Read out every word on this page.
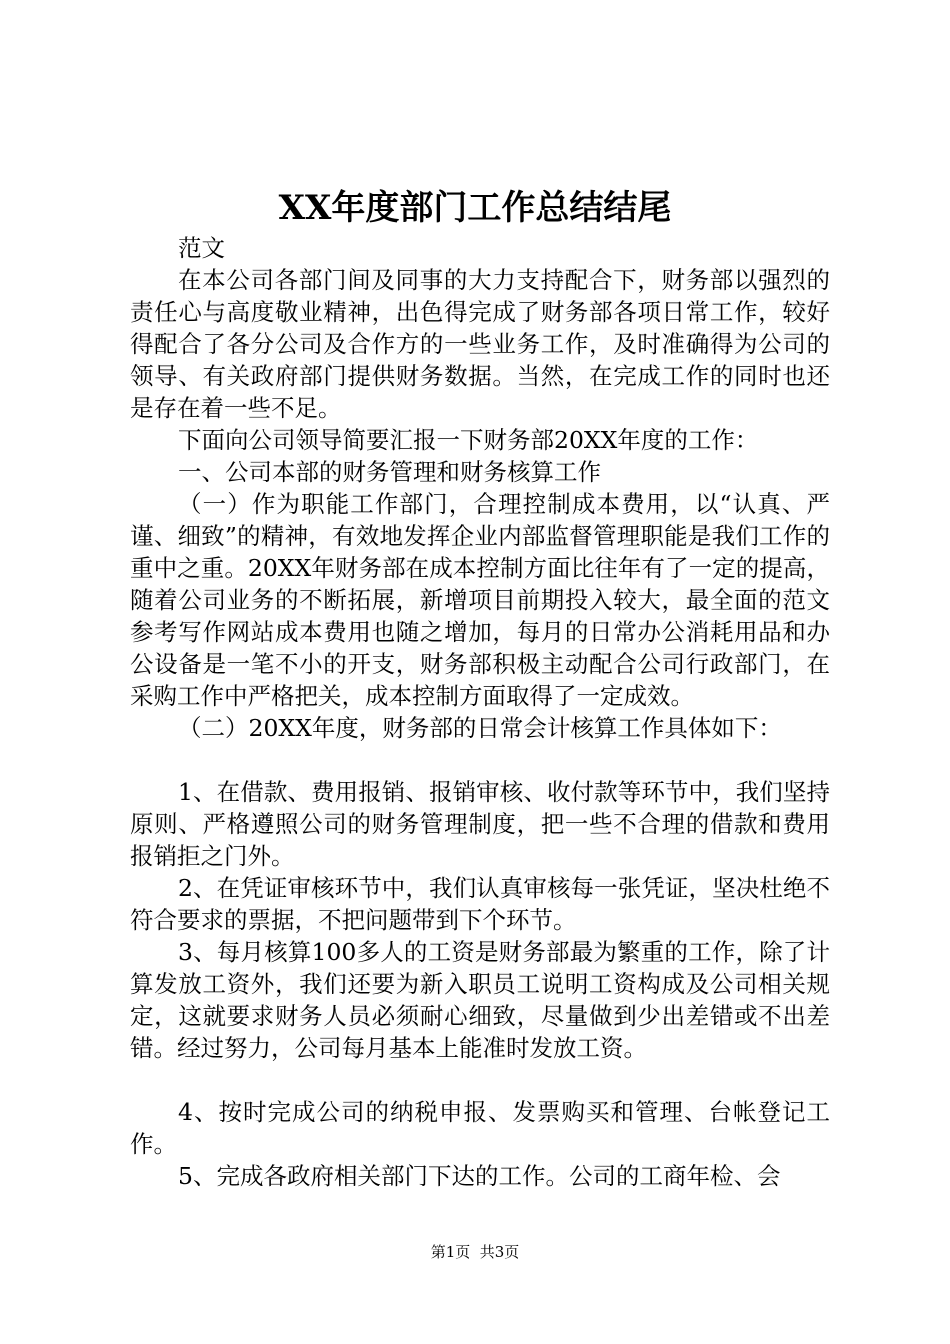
XX年度部门工作总结结尾

范文

在本公司各部门间及同事的大力支持配合下，财务部以强烈的责任心与高度敬业精神，出色得完成了财务部各项日常工作，较好得配合了各分公司及合作方的一些业务工作，及时准确得为公司的领导、有关政府部门提供财务数据。当然，在完成工作的同时也还是存在着一些不足。

下面向公司领导简要汇报一下财务部20XX年度的工作：

一、公司本部的财务管理和财务核算工作

（一）作为职能工作部门，合理控制成本费用，以“认真、严谨、细致”的精神，有效地发挥企业内部监督管理职能是我们工作的重中之重。20XX年财务部在成本控制方面比往年有了一定的提高，随着公司业务的不断拓展，新增项目前期投入较大，最全面的范文参考写作网站成本费用也随之增加，每月的日常办公消耗用品和办公设备是一笔不小的开支，财务部积极主动配合公司行政部门，在采购工作中严格把关，成本控制方面取得了一定成效。

（二）20XX年度，财务部的日常会计核算工作具体如下：

1、在借款、费用报销、报销审核、收付款等环节中，我们坚持原则、严格遵照公司的财务管理制度，把一些不合理的借款和费用报销拒之门外。

2、在凭证审核环节中，我们认真审核每一张凭证，坚决杜绝不符合要求的票据，不把问题带到下个环节。

3、每月核算100多人的工资是财务部最为繁重的工作，除了计算发放工资外，我们还要为新入职员工说明工资构成及公司相关规定，这就要求财务人员必须耐心细致，尽量做到少出差错或不出差错。经过努力，公司每月基本上能准时发放工资。

4、按时完成公司的纳税申报、发票购买和管理、台帐登记工作。

5、完成各政府相关部门下达的工作。公司的工商年检、会

第1页  共3页
